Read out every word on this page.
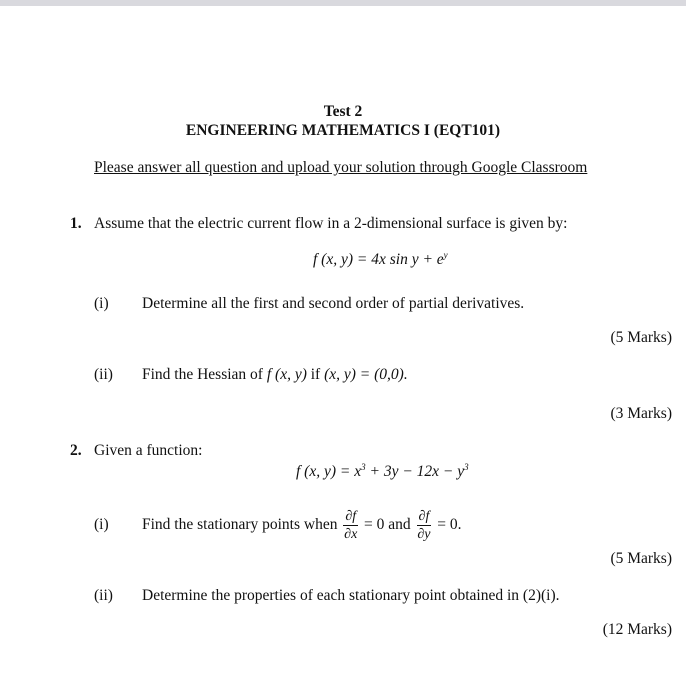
Test 2
ENGINEERING MATHEMATICS I (EQT101)
Please answer all question and upload your solution through Google Classroom
1. Assume that the electric current flow in a 2-dimensional surface is given by:
f (x, y) = 4x $\sin y + e^y$
(i) Determine all the first and second order of partial derivatives.
(5 Marks)
(ii) Find the Hessian of f (x, y) if (x, y) = (0,0).
(3 Marks)
2. Given a function:
f (x, $y) = x^3 + 3y - 12x - y^3$
(i) Find the stationary points when $\frac{\partial f}{\partial x} = 0$ and $\frac{\partial f}{\partial y} = 0$.
(5 Marks)
(ii) Determine the properties of each stationary point obtained in (2)(i).
(12 Marks)
